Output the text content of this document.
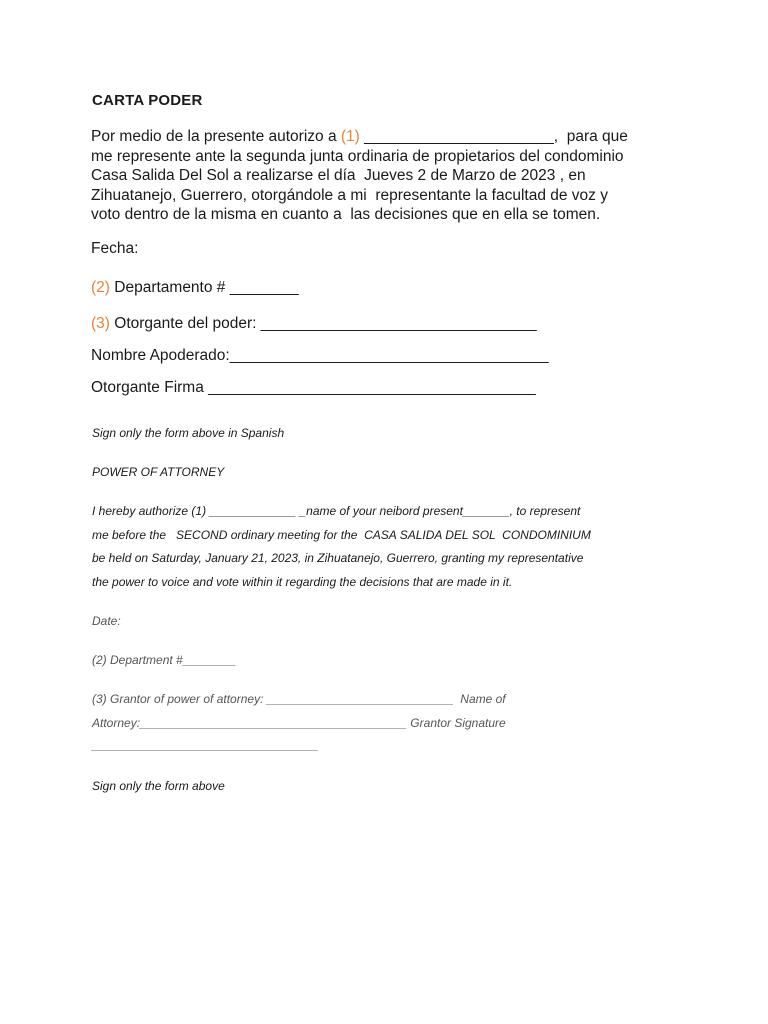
CARTA PODER
Por medio de la presente autorizo a (1) ______________________,  para que
me represente ante la segunda junta ordinaria de propietarios del condominio
Casa Salida Del Sol a realizarse el día  Jueves 2 de Marzo de 2023 , en
Zihuatanejo, Guerrero, otorgándole a mi  representante la facultad de voz y
voto dentro de la misma en cuanto a  las decisiones que en ella se tomen.
Fecha:
(2) Departamento # ________
(3) Otorgante del poder: ________________________________
Nombre Apoderado:_____________________________________
Otorgante Firma ______________________________________
Sign only the form above in Spanish
POWER OF ATTORNEY
I hereby authorize (1) _____________ _name of your neibord present_______, to represent
me before the   SECOND ordinary meeting for the  CASA SALIDA DEL SOL  CONDOMINIUM
be held on Saturday, January 21, 2023, in Zihuatanejo, Guerrero, granting my representative
the power to voice and vote within it regarding the decisions that are made in it.
Date:
(2) Department #________
(3) Grantor of power of attorney: ____________________________  Name of
Attorney:________________________________________ Grantor Signature
__________________________________
Sign only the form above
